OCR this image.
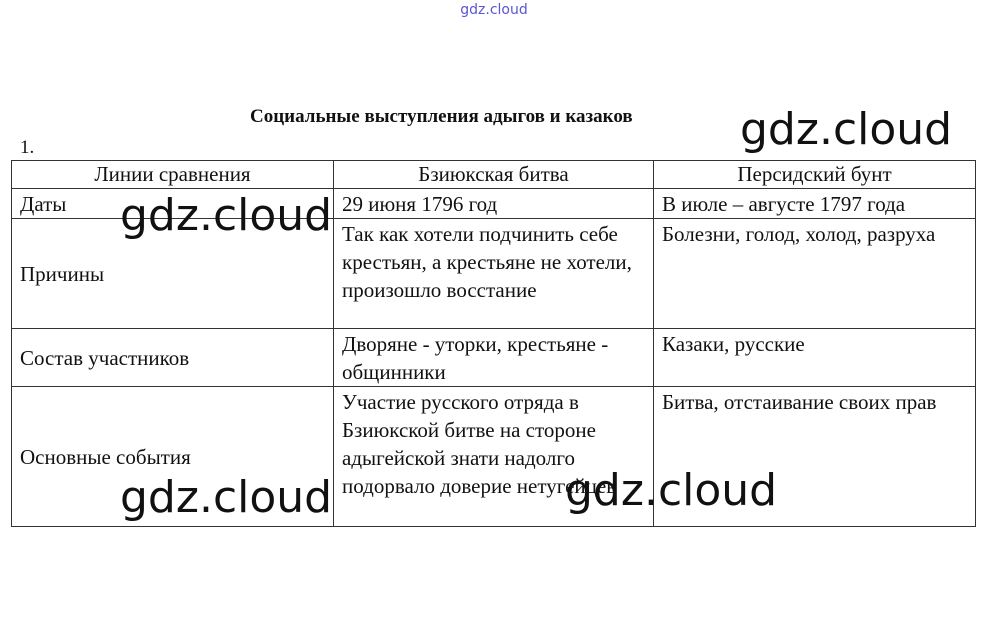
gdz.cloud
Социальные выступления адыгов и казаков
1.
Линии сравнения	Бзиюкская битва	Персидский бунт
Даты	29 июня 1796 год	В июле – августе 1797 года
Причины	Так как хотели подчинить себе крестьян, а крестьяне не хотели, произошло восстание	Болезни, голод, холод, разруха
Состав участников	Дворяне - уторки, крестьяне - общинники	Казаки, русские
Основные события	Участие русского отряда в Бзиюкской битве на стороне адыгейской знати надолго подорвало доверие нетугейцев	Битва, отстаивание своих прав
gdz.cloud
gdz.cloud
gdz.cloud	gdz.cloud
